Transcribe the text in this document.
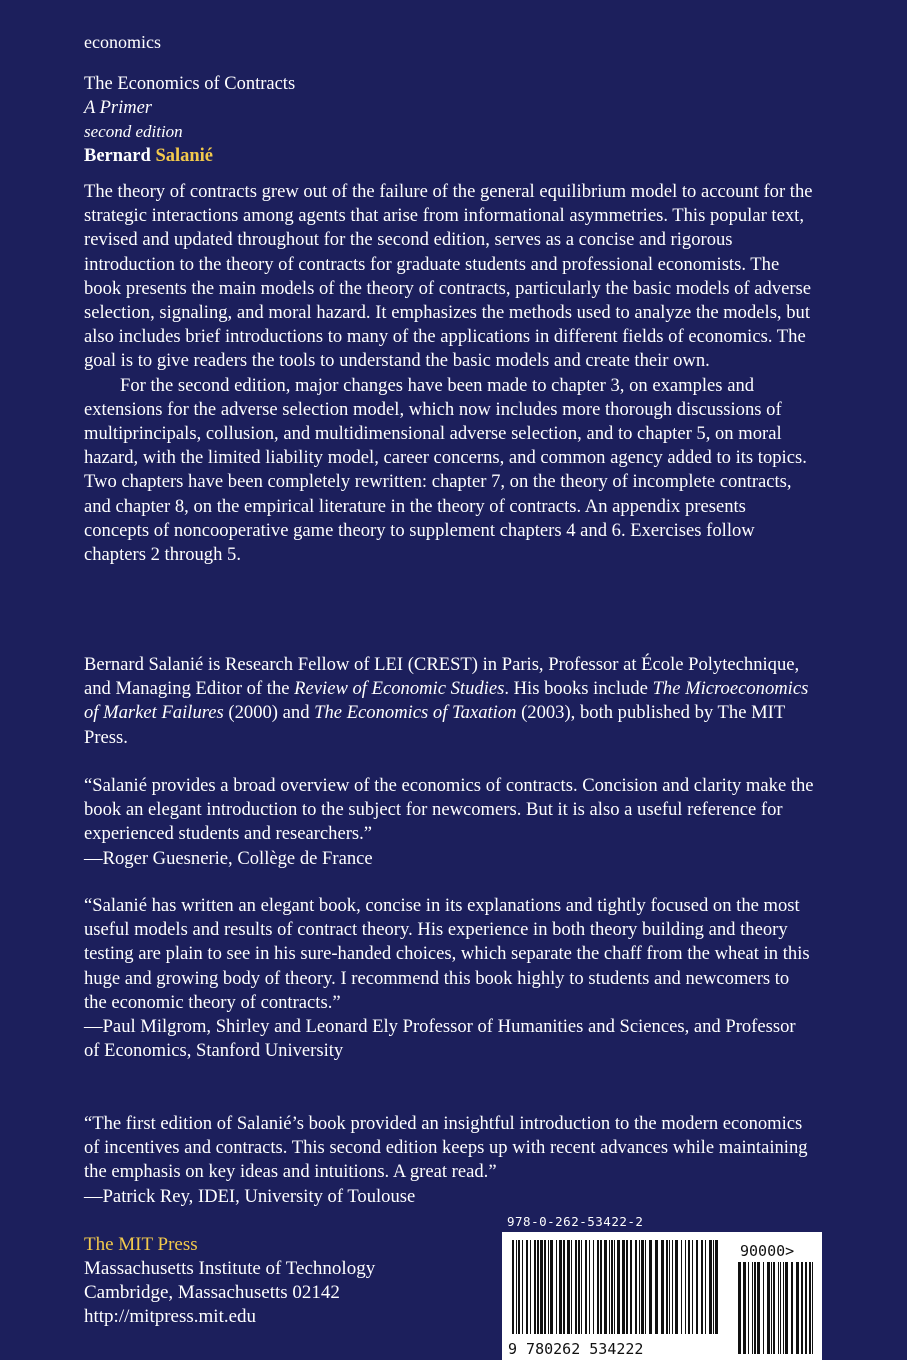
economics
The Economics of Contracts
A Primer
second edition
Bernard Salanié

The theory of contracts grew out of the failure of the general equilibrium model to account for the strategic interactions among agents that arise from informational asymmetries. This popular text, revised and updated throughout for the second edition, serves as a concise and rigorous introduction to the theory of contracts for graduate students and professional economists. The book presents the main models of the theory of contracts, particularly the basic models of adverse selection, signaling, and moral hazard. It emphasizes the methods used to analyze the models, but also includes brief introductions to many of the applications in different fields of economics. The goal is to give readers the tools to understand the basic models and create their own.

For the second edition, major changes have been made to chapter 3, on examples and extensions for the adverse selection model, which now includes more thorough discussions of multiprincipals, collusion, and multidimensional adverse selection, and to chapter 5, on moral hazard, with the limited liability model, career concerns, and common agency added to its topics. Two chapters have been completely rewritten: chapter 7, on the theory of incomplete contracts, and chapter 8, on the empirical literature in the theory of contracts. An appendix presents concepts of noncooperative game theory to supplement chapters 4 and 6. Exercises follow chapters 2 through 5.

Bernard Salanié is Research Fellow of LEI (CREST) in Paris, Professor at École Polytechnique, and Managing Editor of the Review of Economic Studies. His books include The Microeconomics of Market Failures (2000) and The Economics of Taxation (2003), both published by The MIT Press.
“Salanié provides a broad overview of the economics of contracts. Concision and clarity make the book an elegant introduction to the subject for newcomers. But it is also a useful reference for experienced students and researchers.”
—Roger Guesnerie, Collège de France
“Salanié has written an elegant book, concise in its explanations and tightly focused on the most useful models and results of contract theory. His experience in both theory building and theory testing are plain to see in his sure-handed choices, which separate the chaff from the wheat in this huge and growing body of theory. I recommend this book highly to students and newcomers to the economic theory of contracts.”
—Paul Milgrom, Shirley and Leonard Ely Professor of Humanities and Sciences, and Professor of Economics, Stanford University
“The first edition of Salanié’s book provided an insightful introduction to the modern economics of incentives and contracts. This second edition keeps up with recent advances while maintaining the emphasis on key ideas and intuitions. A great read.”
—Patrick Rey, IDEI, University of Toulouse
The MIT Press
Massachusetts Institute of Technology
Cambridge, Massachusetts 02142
http://mitpress.mit.edu
978-0-262-53422-2
9 780262 534222
90000>
